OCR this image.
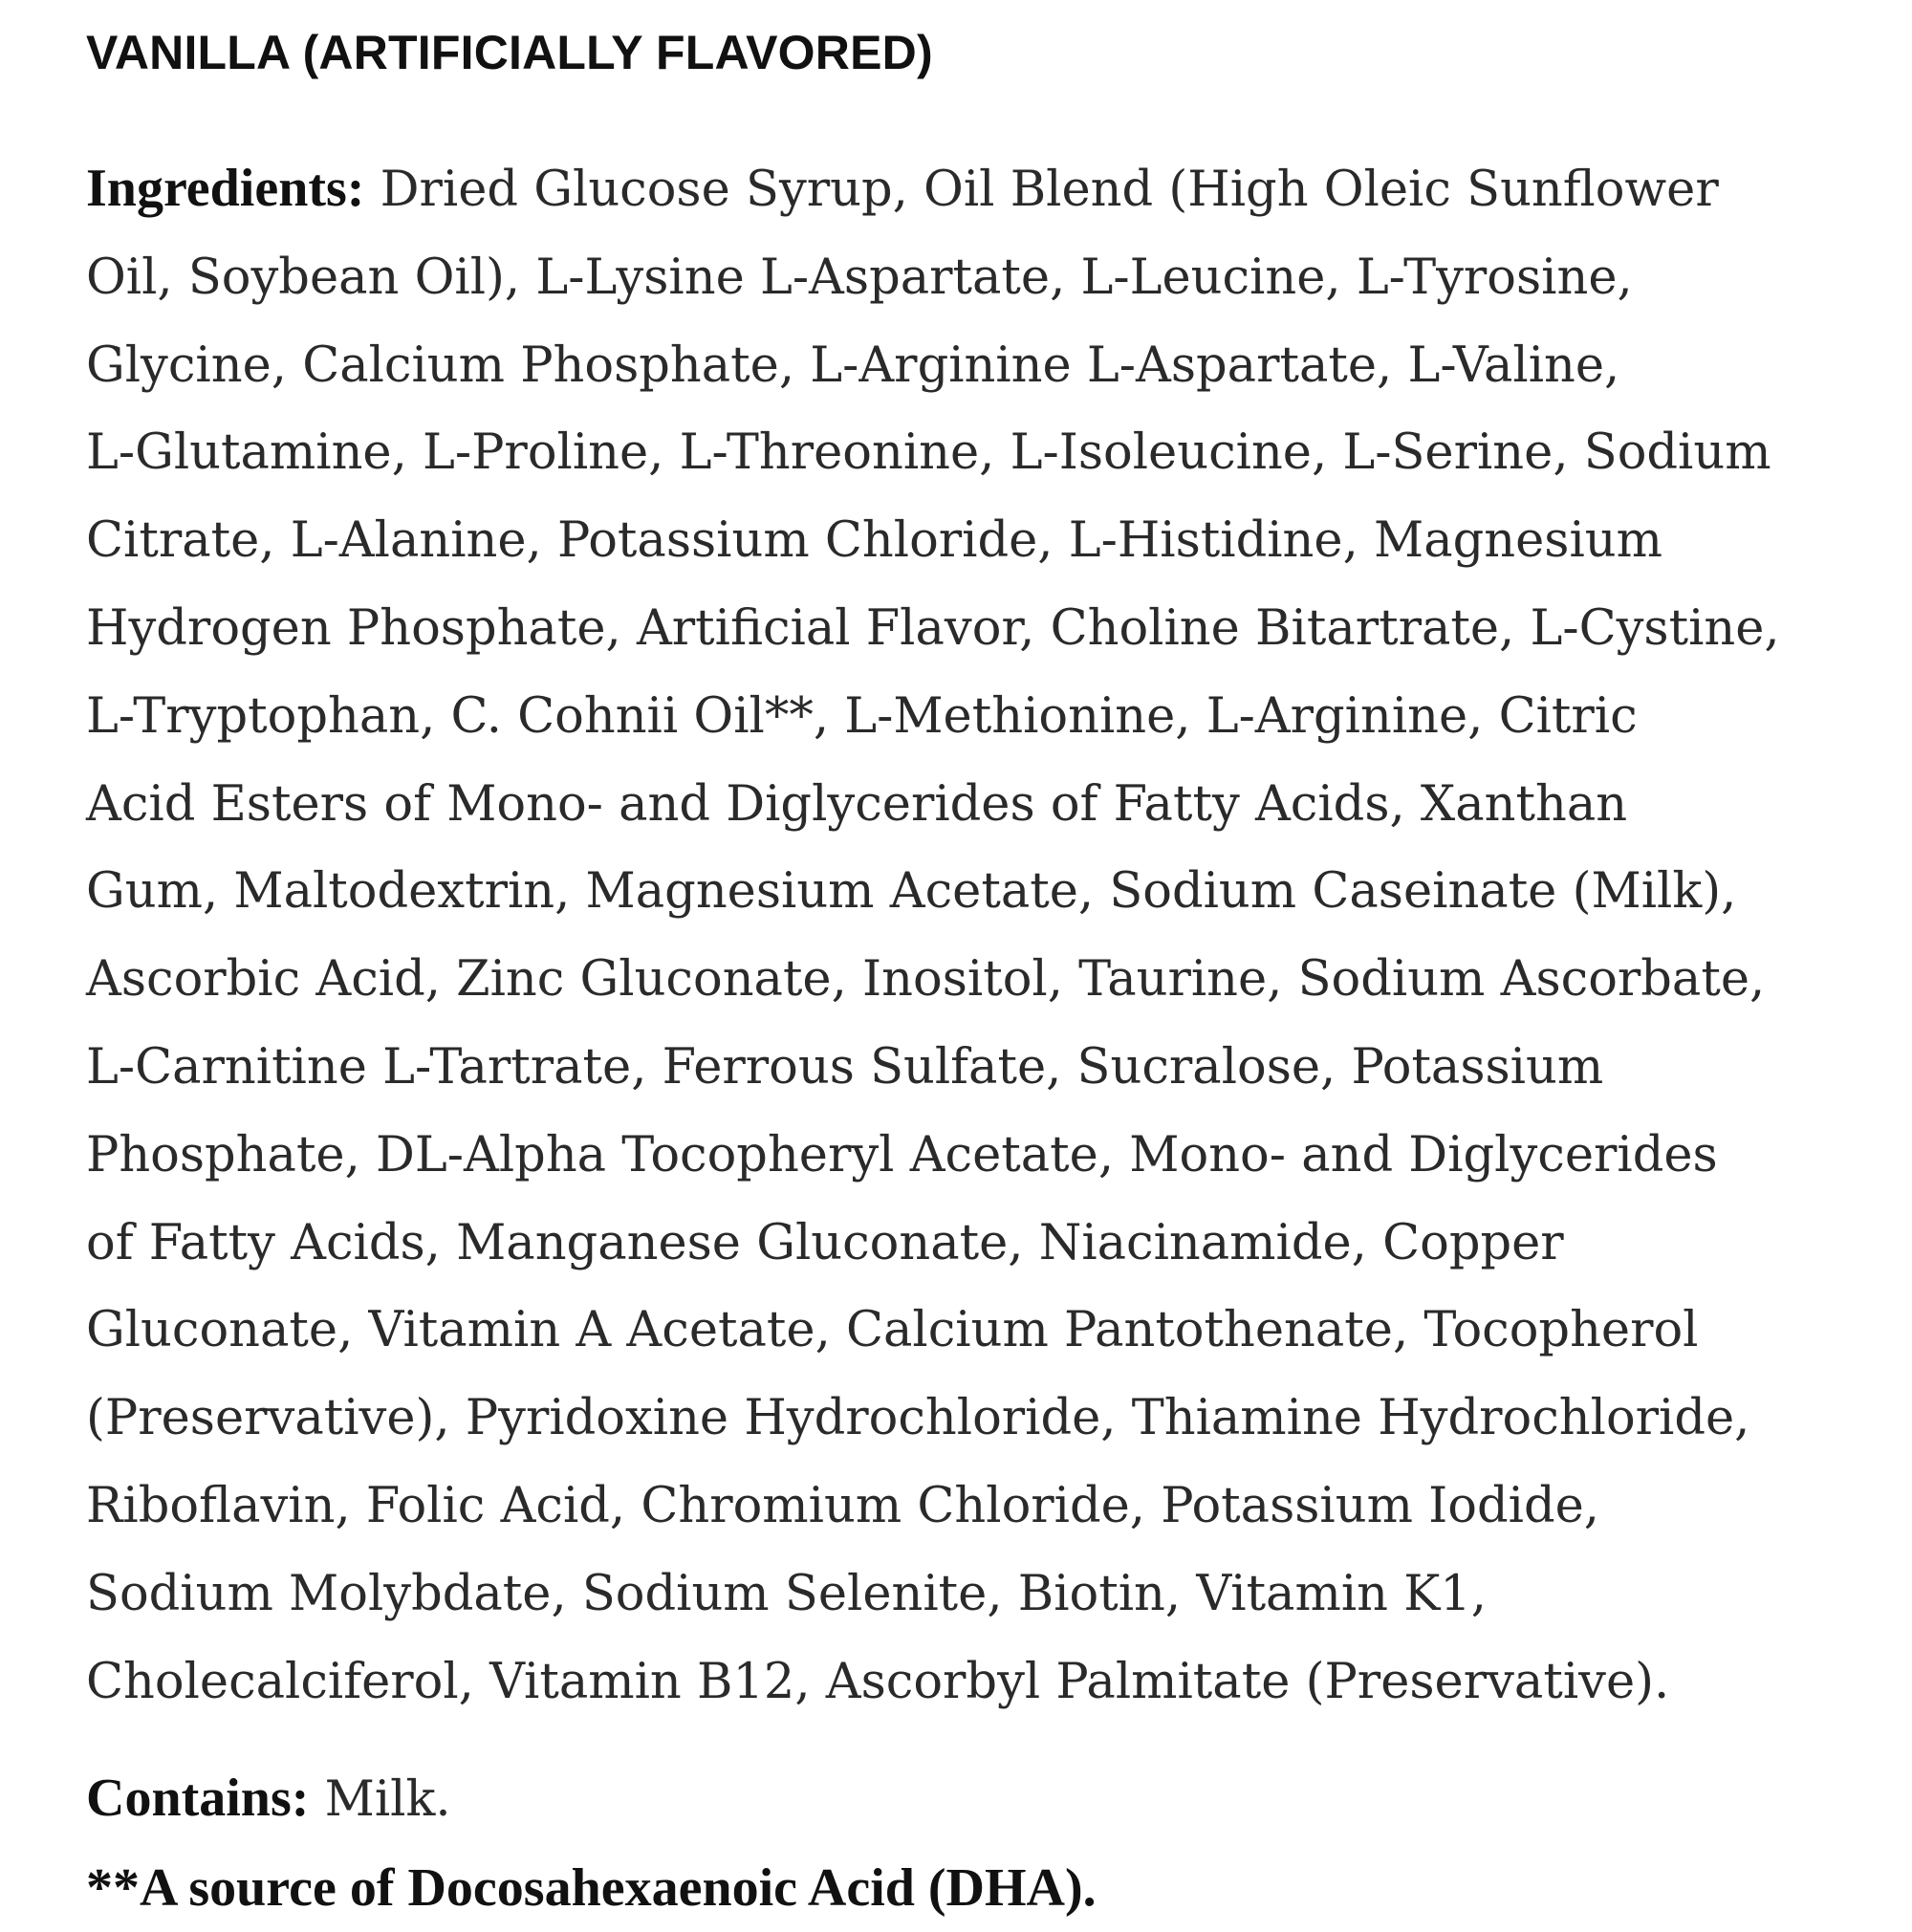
VANILLA (ARTIFICIALLY FLAVORED)
Ingredients: Dried Glucose Syrup, Oil Blend (High Oleic Sunflower
Oil, Soybean Oil), L-Lysine L-Aspartate, L-Leucine, L-Tyrosine,
Glycine, Calcium Phosphate, L-Arginine L-Aspartate, L-Valine,
L-Glutamine, L-Proline, L-Threonine, L-Isoleucine, L-Serine, Sodium
Citrate, L-Alanine, Potassium Chloride, L-Histidine, Magnesium
Hydrogen Phosphate, Artificial Flavor, Choline Bitartrate, L-Cystine,
L-Tryptophan, C. Cohnii Oil**, L-Methionine, L-Arginine, Citric
Acid Esters of Mono- and Diglycerides of Fatty Acids, Xanthan
Gum, Maltodextrin, Magnesium Acetate, Sodium Caseinate (Milk),
Ascorbic Acid, Zinc Gluconate, Inositol, Taurine, Sodium Ascorbate,
L-Carnitine L-Tartrate, Ferrous Sulfate, Sucralose, Potassium
Phosphate, DL-Alpha Tocopheryl Acetate, Mono- and Diglycerides
of Fatty Acids, Manganese Gluconate, Niacinamide, Copper
Gluconate, Vitamin A Acetate, Calcium Pantothenate, Tocopherol
(Preservative), Pyridoxine Hydrochloride, Thiamine Hydrochloride,
Riboflavin, Folic Acid, Chromium Chloride, Potassium Iodide,
Sodium Molybdate, Sodium Selenite, Biotin, Vitamin K1,
Cholecalciferol, Vitamin B12, Ascorbyl Palmitate (Preservative).
Contains: Milk.
**A source of Docosahexaenoic Acid (DHA).
